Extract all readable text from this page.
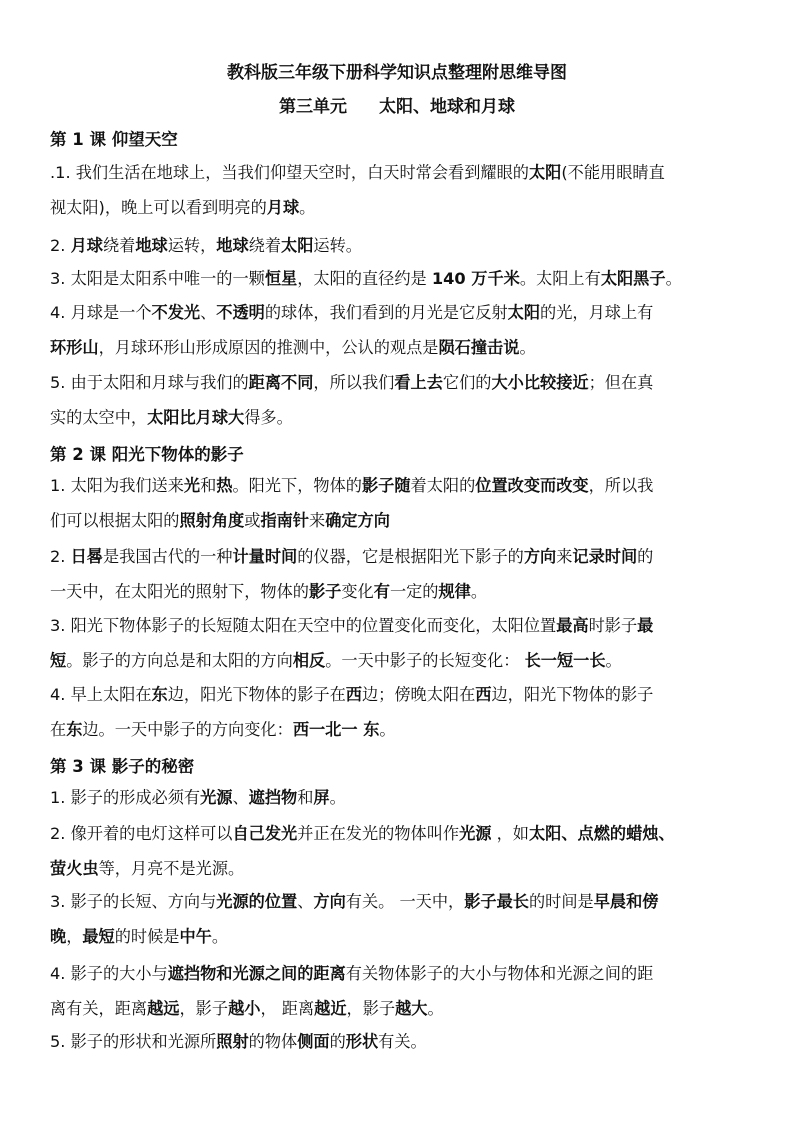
教科版三年级下册科学知识点整理附思维导图
第三单元 太阳、地球和月球
第 1 课 仰望天空
.1. 我们生活在地球上，当我们仰望天空时，白天时常会看到耀眼的太阳(不能用眼睛直
视太阳)，晚上可以看到明亮的月球。
2. 月球绕着地球运转，地球绕着太阳运转。
3. 太阳是太阳系中唯一的一颗恒星，太阳的直径约是 140 万千米。太阳上有太阳黑子。
4. 月球是一个不发光、不透明的球体，我们看到的月光是它反射太阳的光，月球上有
环形山，月球环形山形成原因的推测中，公认的观点是陨石撞击说。
5. 由于太阳和月球与我们的距离不同，所以我们看上去它们的大小比较接近；但在真
实的太空中，太阳比月球大得多。
第 2 课 阳光下物体的影子
1. 太阳为我们送来光和热。阳光下，物体的影子随着太阳的位置改变而改变，所以我
们可以根据太阳的照射角度或指南针来确定方向
2. 日晷是我国古代的一种计量时间的仪器，它是根据阳光下影子的方向来记录时间的
一天中，在太阳光的照射下，物体的影子变化有一定的规律。
3. 阳光下物体影子的长短随太阳在天空中的位置变化而变化，太阳位置最高时影子最
短。影子的方向总是和太阳的方向相反。一天中影子的长短变化： 长一短一长。
4. 早上太阳在东边，阳光下物体的影子在西边；傍晚太阳在西边，阳光下物体的影子
在东边。一天中影子的方向变化：西一北一 东。
第 3 课 影子的秘密
1. 影子的形成必须有光源、遮挡物和屏。
2. 像开着的电灯这样可以自己发光并正在发光的物体叫作光源 ，如太阳、点燃的蜡烛、
萤火虫等，月亮不是光源。
3. 影子的长短、方向与光源的位置、方向有关。 一天中，影子最长的时间是早晨和傍
晚，最短的时候是中午。
4. 影子的大小与遮挡物和光源之间的距离有关物体影子的大小与物体和光源之间的距
离有关，距离越远，影子越小， 距离越近，影子越大。
5. 影子的形状和光源所照射的物体侧面的形状有关。
